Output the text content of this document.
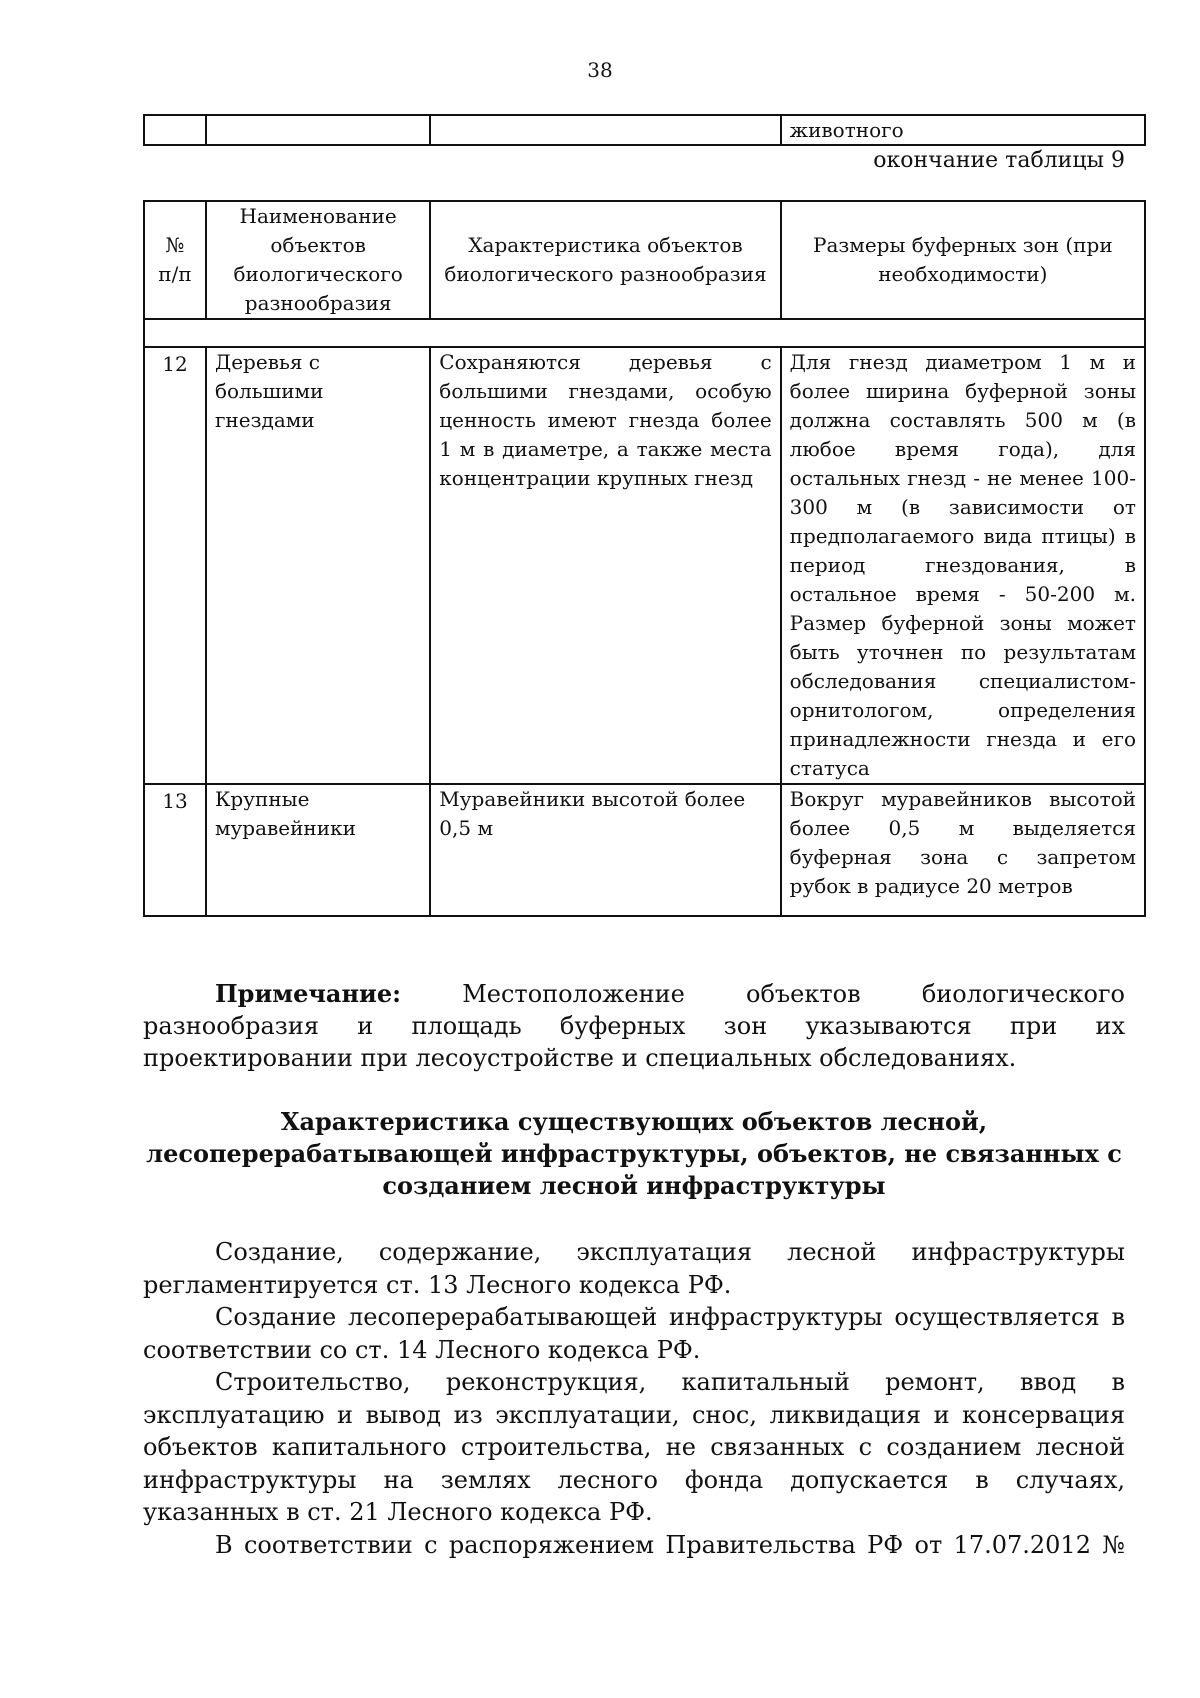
38
			животного
окончание таблицы 9
№ п/п	Наименование объектов биологического разнообразия	Характеристика объектов биологического разнообразия	Размеры буферных зон (при необходимости)

12	Деревья с большими гнездами	Сохраняются деревья с большими гнездами, особую ценность имеют гнезда более 1 м в диаметре, а также места концентрации крупных гнезд	Для гнезд диаметром 1 м и более ширина буферной зоны должна составлять 500 м (в любое время года), для остальных гнезд - не менее 100-300 м (в зависимости от предполагаемого вида птицы) в период гнездования, в остальное время - 50-200 м. Размер буферной зоны может быть уточнен по результатам обследования специалистом-орнитологом, определения принадлежности гнезда и его статуса
13	Крупные муравейники	Муравейники высотой более 0,5 м	Вокруг муравейников высотой более 0,5 м выделяется буферная зона с запретом рубок в радиусе 20 метров

Примечание: Местоположение объектов биологического разнообразия и площадь буферных зон указываются при их проектировании при лесоустройстве и специальных обследованиях.

Характеристика существующих объектов лесной, лесоперерабатывающей инфраструктуры, объектов, не связанных с созданием лесной инфраструктуры

Создание, содержание, эксплуатация лесной инфраструктуры регламентируется ст. 13 Лесного кодекса РФ.

Создание лесоперерабатывающей инфраструктуры осуществляется в соответствии со ст. 14 Лесного кодекса РФ.

Строительство, реконструкция, капитальный ремонт, ввод в эксплуатацию и вывод из эксплуатации, снос, ликвидация и консервация объектов капитального строительства, не связанных с созданием лесной инфраструктуры на землях лесного фонда допускается в случаях, указанных в ст. 21 Лесного кодекса РФ.

В соответствии с распоряжением Правительства РФ от 17.07.2012 №
